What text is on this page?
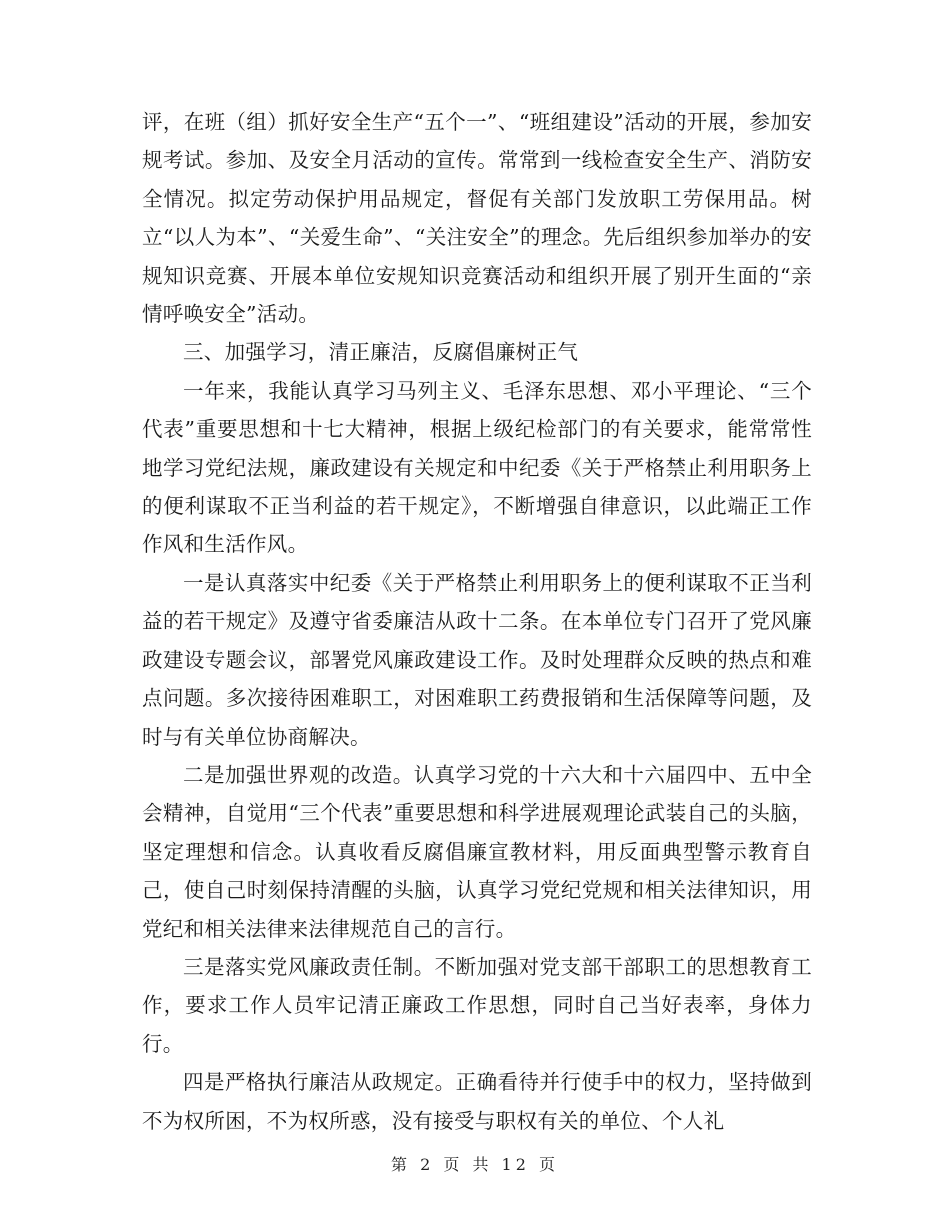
评，在班（组）抓好安全生产“五个一”、“班组建设”活动的开展，参加安规考试。参加、及安全月活动的宣传。常常到一线检查安全生产、消防安全情况。拟定劳动保护用品规定，督促有关部门发放职工劳保用品。树立“以人为本”、“关爱生命”、“关注安全”的理念。先后组织参加举办的安规知识竞赛、开展本单位安规知识竞赛活动和组织开展了别开生面的“亲情呼唤安全”活动。

三、加强学习，清正廉洁，反腐倡廉树正气

一年来，我能认真学习马列主义、毛泽东思想、邓小平理论、“三个代表”重要思想和十七大精神，根据上级纪检部门的有关要求，能常常性地学习党纪法规，廉政建设有关规定和中纪委《关于严格禁止利用职务上的便利谋取不正当利益的若干规定》，不断增强自律意识，以此端正工作作风和生活作风。

一是认真落实中纪委《关于严格禁止利用职务上的便利谋取不正当利益的若干规定》及遵守省委廉洁从政十二条。在本单位专门召开了党风廉政建设专题会议，部署党风廉政建设工作。及时处理群众反映的热点和难点问题。多次接待困难职工，对困难职工药费报销和生活保障等问题，及时与有关单位协商解决。

二是加强世界观的改造。认真学习党的十六大和十六届四中、五中全会精神，自觉用“三个代表”重要思想和科学进展观理论武装自己的头脑，坚定理想和信念。认真收看反腐倡廉宣教材料，用反面典型警示教育自己，使自己时刻保持清醒的头脑，认真学习党纪党规和相关法律知识，用党纪和相关法律来法律规范自己的言行。

三是落实党风廉政责任制。不断加强对党支部干部职工的思想教育工作，要求工作人员牢记清正廉政工作思想，同时自己当好表率，身体力行。

四是严格执行廉洁从政规定。正确看待并行使手中的权力，坚持做到不为权所困，不为权所惑，没有接受与职权有关的单位、个人礼

第 2 页 共 12 页
